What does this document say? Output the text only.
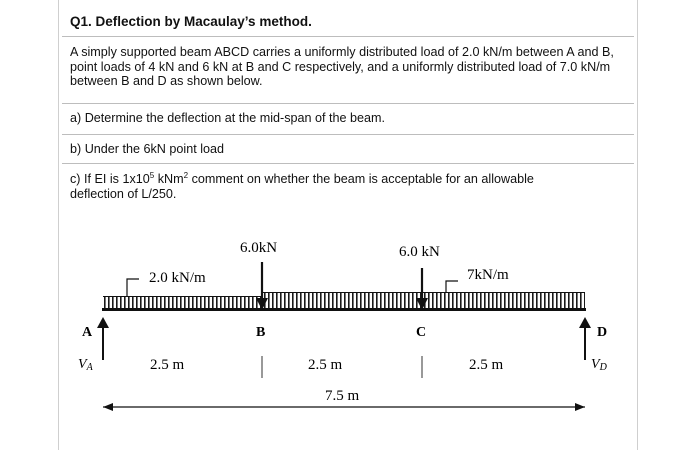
Q1. Deflection by Macaulay’s method.
A simply supported beam ABCD carries a uniformly distributed load of 2.0 kN/m between A and B, point loads of 4 kN and 6 kN at B and C respectively, and a uniformly distributed load of 7.0 kN/m between B and D as shown below.
a) Determine the deflection at the mid-span of the beam.
b) Under the 6kN point load
c) If EI is $1x10^5$ kNm$^2$ comment on whether the beam is acceptable for an allowable deflection of L/250.
2.0 kN/m	7kN/m
6.0kN	6.0 kN
A	B	C	D
VA	VD
2.5 m	2.5 m	2.5 m
7.5 m
